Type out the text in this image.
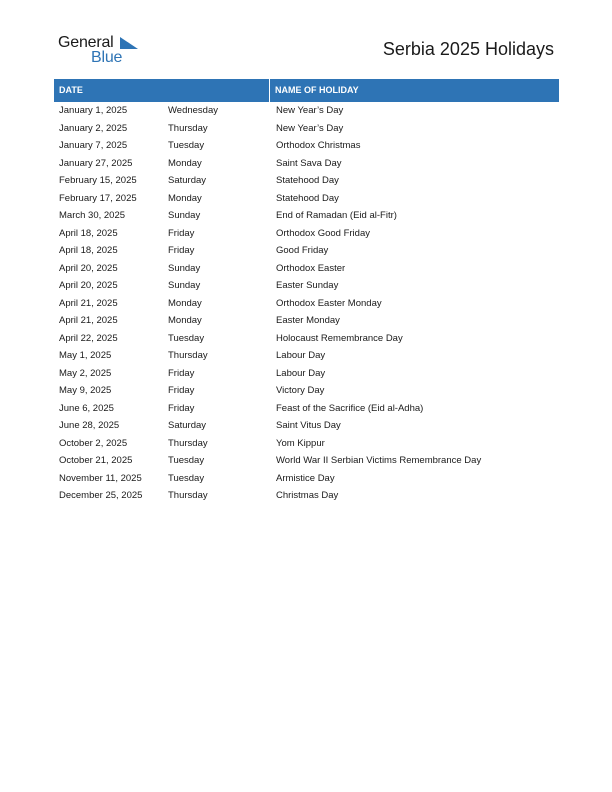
General
Blue	Serbia 2025 Holidays
DATE	NAME OF HOLIDAY
January 1, 2025	Wednesday	New Year’s Day
January 2, 2025	Thursday	New Year’s Day
January 7, 2025	Tuesday	Orthodox Christmas
January 27, 2025	Monday	Saint Sava Day
February 15, 2025	Saturday	Statehood Day
February 17, 2025	Monday	Statehood Day
March 30, 2025	Sunday	End of Ramadan (Eid al-Fitr)
April 18, 2025	Friday	Orthodox Good Friday
April 18, 2025	Friday	Good Friday
April 20, 2025	Sunday	Orthodox Easter
April 20, 2025	Sunday	Easter Sunday
April 21, 2025	Monday	Orthodox Easter Monday
April 21, 2025	Monday	Easter Monday
April 22, 2025	Tuesday	Holocaust Remembrance Day
May 1, 2025	Thursday	Labour Day
May 2, 2025	Friday	Labour Day
May 9, 2025	Friday	Victory Day
June 6, 2025	Friday	Feast of the Sacrifice (Eid al-Adha)
June 28, 2025	Saturday	Saint Vitus Day
October 2, 2025	Thursday	Yom Kippur
October 21, 2025	Tuesday	World War II Serbian Victims Remembrance Day
November 11, 2025	Tuesday	Armistice Day
December 25, 2025	Thursday	Christmas Day
